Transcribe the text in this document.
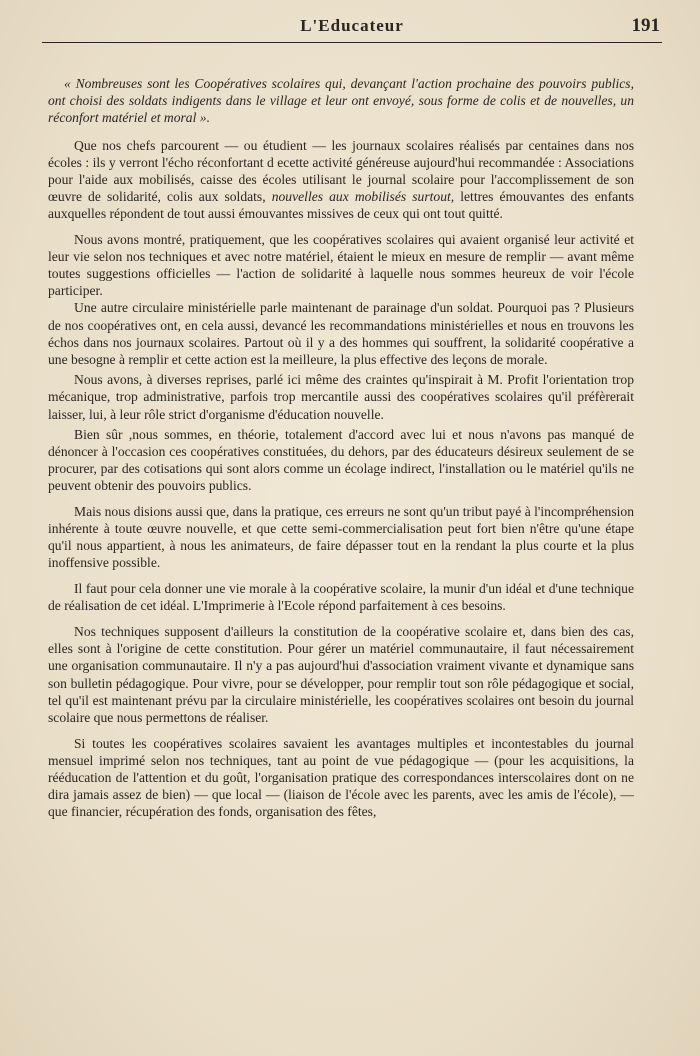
L'Educateur	191

« Nombreuses sont les Coopératives scolaires qui, devançant l'action prochaine des pouvoirs publics, ont choisi des soldats indigents dans le village et leur ont envoyé, sous forme de colis et de nouvelles, un réconfort matériel et moral ».

Que nos chefs parcourent — ou étudient — les journaux scolaires réalisés par centaines dans nos écoles : ils y verront l'écho réconfortant d ecette activité généreuse aujourd'hui recommandée : Associations pour l'aide aux mobilisés, caisse des écoles utilisant le journal scolaire pour l'accomplissement de son œuvre de solidarité, colis aux soldats, nouvelles aux mobilisés surtout, lettres émouvantes des enfants auxquelles répondent de tout aussi émouvantes missives de ceux qui ont tout quitté.

Nous avons montré, pratiquement, que les coopératives scolaires qui avaient organisé leur activité et leur vie selon nos techniques et avec notre matériel, étaient le mieux en mesure de remplir — avant même toutes suggestions officielles — l'action de solidarité à laquelle nous sommes heureux de voir l'école participer.

Une autre circulaire ministérielle parle maintenant de parainage d'un soldat. Pourquoi pas ? Plusieurs de nos coopératives ont, en cela aussi, devancé les recommandations ministérielles et nous en trouvons les échos dans nos journaux scolaires. Partout où il y a des hommes qui souffrent, la solidarité coopérative a une besogne à remplir et cette action est la meilleure, la plus effective des leçons de morale.

Nous avons, à diverses reprises, parlé ici même des craintes qu'inspirait à M. Profit l'orientation trop mécanique, trop administrative, parfois trop mercantile aussi des coopératives scolaires qu'il préfèrerait laisser, lui, à leur rôle strict d'organisme d'éducation nouvelle.

Bien sûr ,nous sommes, en théorie, totalement d'accord avec lui et nous n'avons pas manqué de dénoncer à l'occasion ces coopératives constituées, du dehors, par des éducateurs désireux seulement de se procurer, par des cotisations qui sont alors comme un écolage indirect, l'installation ou le matériel qu'ils ne peuvent obtenir des pouvoirs publics.

Mais nous disions aussi que, dans la pratique, ces erreurs ne sont qu'un tribut payé à l'incompréhension inhérente à toute œuvre nouvelle, et que cette semi-commercialisation peut fort bien n'être qu'une étape qu'il nous appartient, à nous les animateurs, de faire dépasser tout en la rendant la plus courte et la plus inoffensive possible.

Il faut pour cela donner une vie morale à la coopérative scolaire, la munir d'un idéal et d'une technique de réalisation de cet idéal. L'Imprimerie à l'Ecole répond parfaitement à ces besoins.

Nos techniques supposent d'ailleurs la constitution de la coopérative scolaire et, dans bien des cas, elles sont à l'origine de cette constitution. Pour gérer un matériel communautaire, il faut nécessairement une organisation communautaire. Il n'y a pas aujourd'hui d'association vraiment vivante et dynamique sans son bulletin pédagogique. Pour vivre, pour se développer, pour remplir tout son rôle pédagogique et social, tel qu'il est maintenant prévu par la circulaire ministérielle, les coopératives scolaires ont besoin du journal scolaire que nous permettons de réaliser.

Si toutes les coopératives scolaires savaient les avantages multiples et incontestables du journal mensuel imprimé selon nos techniques, tant au point de vue pédagogique — (pour les acquisitions, la rééducation de l'attention et du goût, l'organisation pratique des correspondances interscolaires dont on ne dira jamais assez de bien) — que local — (liaison de l'école avec les parents, avec les amis de l'école), — que financier, récupération des fonds, organisation des fêtes,
